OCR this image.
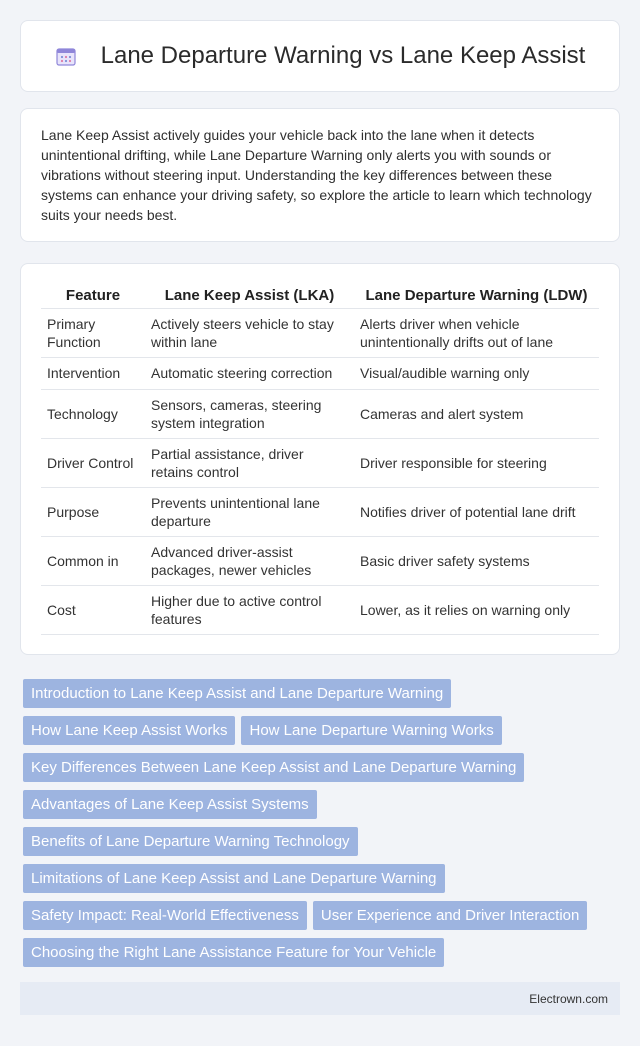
Lane Departure Warning vs Lane Keep Assist

Lane Keep Assist actively guides your vehicle back into the lane when it detects unintentional drifting, while Lane Departure Warning only alerts you with sounds or vibrations without steering input. Understanding the key differences between these systems can enhance your driving safety, so explore the article to learn which technology suits your needs best.

Feature	Lane Keep Assist (LKA)	Lane Departure Warning (LDW)
Primary Function	Actively steers vehicle to stay within lane	Alerts driver when vehicle unintentionally drifts out of lane
Intervention	Automatic steering correction	Visual/audible warning only
Technology	Sensors, cameras, steering system integration	Cameras and alert system
Driver Control	Partial assistance, driver retains control	Driver responsible for steering
Purpose	Prevents unintentional lane departure	Notifies driver of potential lane drift
Common in	Advanced driver-assist packages, newer vehicles	Basic driver safety systems
Cost	Higher due to active control features	Lower, as it relies on warning only
Introduction to Lane Keep Assist and Lane Departure Warning
How Lane Keep Assist Works	How Lane Departure Warning Works
Key Differences Between Lane Keep Assist and Lane Departure Warning
Advantages of Lane Keep Assist Systems
Benefits of Lane Departure Warning Technology
Limitations of Lane Keep Assist and Lane Departure Warning
Safety Impact: Real-World Effectiveness	User Experience and Driver Interaction
Choosing the Right Lane Assistance Feature for Your Vehicle
Electrown.com
